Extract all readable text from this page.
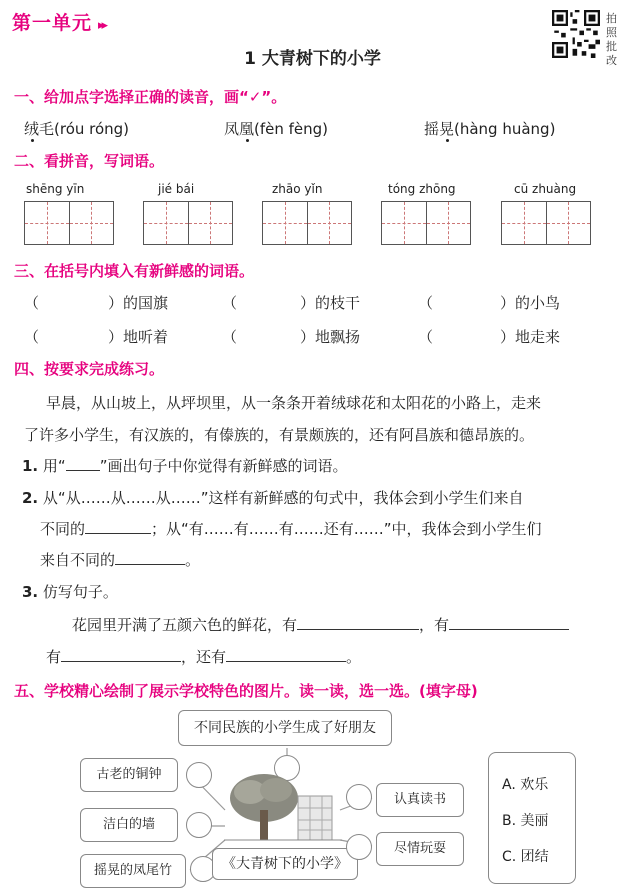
第一单元 ▸▸
1 大青树下的小学
拍照批改
一、给加点字选择正确的读音，画“✓”。
绒毛(róu róng)	凤凰(fèn fèng)	摇晃(hàng huàng)
二、看拼音，写词语。
shēng yīn	jié bái	zhāo yǐn	tóng zhōng	cū zhuàng
三、在括号内填入有新鲜感的词语。
（	）的国旗	（	）的枝干	（	）的小鸟
（	）地听着	（	）地飘扬	（	）地走来
四、按要求完成练习。
早晨，从山坡上，从坪坝里，从一条条开着绒球花和太阳花的小路上，走来
了许多小学生，有汉族的，有傣族的，有景颇族的，还有阿昌族和德昂族的。
1. 用“ ”画出句子中你觉得有新鲜感的词语。
2. 从“从……从……从……”这样有新鲜感的句式中，我体会到小学生们来自
不同的	；从“有……有……有……还有……”中，我体会到小学生们
来自不同的	。
3. 仿写句子。
花园里开满了五颜六色的鲜花，有	，有
有	，还有	。
五、学校精心绘制了展示学校特色的图片。读一读，选一选。(填字母)
不同民族的小学生成了好朋友
古老的铜钟
洁白的墙
摇晃的凤尾竹	《大青树下的小学》
认真读书
尽情玩耍
A. 欢乐
B. 美丽
C. 团结
